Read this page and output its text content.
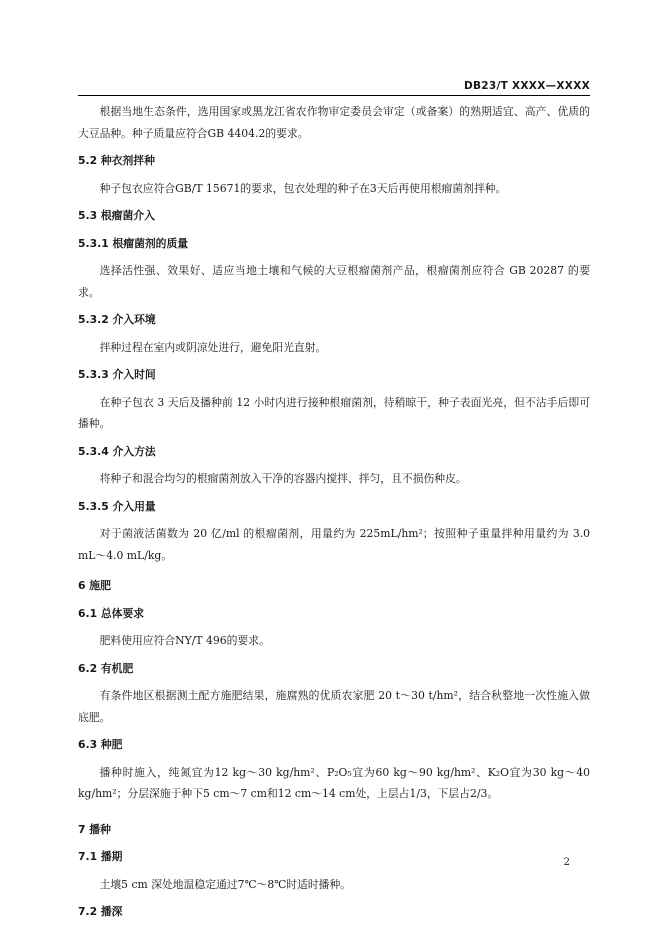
DB23/T XXXX—XXXX

根据当地生态条件，选用国家或黑龙江省农作物审定委员会审定（或备案）的熟期适宜、高产、优质的大豆品种。种子质量应符合GB 4404.2的要求。

5.2 种衣剂拌种

种子包衣应符合GB/T 15671的要求，包衣处理的种子在3天后再使用根瘤菌剂拌种。

5.3 根瘤菌介入

5.3.1 根瘤菌剂的质量

选择活性强、效果好、适应当地土壤和气候的大豆根瘤菌剂产品，根瘤菌剂应符合 GB 20287 的要求。

5.3.2 介入环境

拌种过程在室内或阴凉处进行，避免阳光直射。

5.3.3 介入时间

在种子包衣 3 天后及播种前 12 小时内进行接种根瘤菌剂，待稍晾干，种子表面光亮，但不沾手后即可播种。

5.3.4 介入方法

将种子和混合均匀的根瘤菌剂放入干净的容器内搅拌、拌匀，且不损伤种皮。

5.3.5 介入用量

对于菌液活菌数为 20 亿/ml 的根瘤菌剂，用量约为 225mL/hm²；按照种子重量拌种用量约为 3.0 mL～4.0 mL/kg。

6 施肥

6.1 总体要求

肥料使用应符合NY/T 496的要求。

6.2 有机肥

有条件地区根据测土配方施肥结果，施腐熟的优质农家肥 20 t～30 t/hm²，结合秋整地一次性施入做底肥。

6.3 种肥

播种时施入，纯氮宜为12 kg～30 kg/hm²、P₂O₅宜为60 kg～90 kg/hm²、K₂O宜为30 kg～40 kg/hm²；分层深施于种下5 cm～7 cm和12 cm～14 cm处，上层占1/3，下层占2/3。

7 播种

7.1 播期

土壤5 cm 深处地温稳定通过7℃～8℃时适时播种。

7.2 播深

2
